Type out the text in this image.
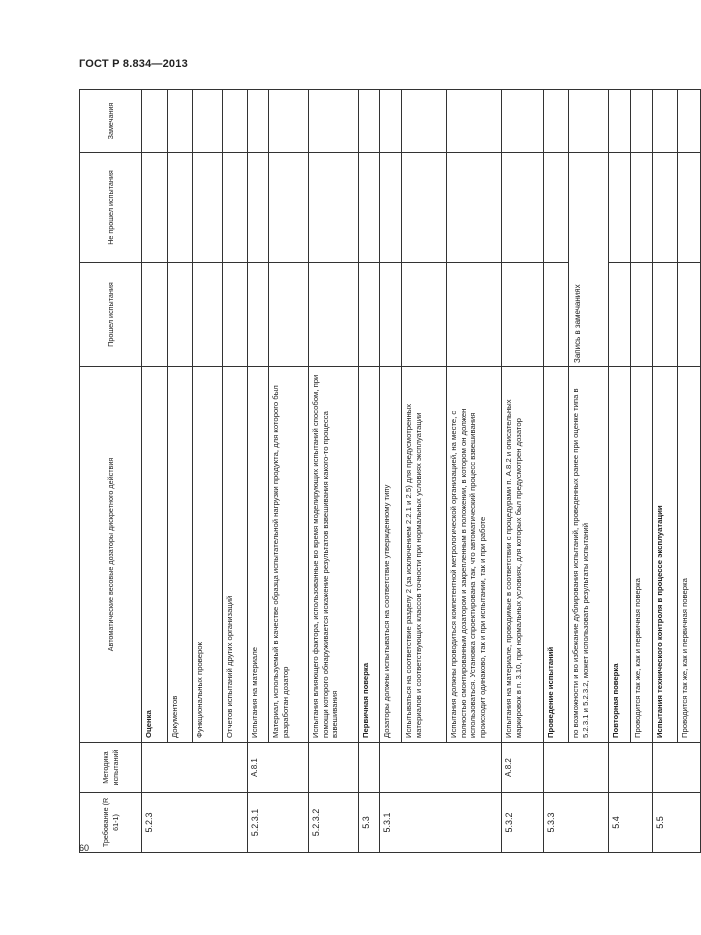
ГОСТ Р 8.834—2013
Требование (R 61-1)	Методика испытаний	Автоматические весовые дозаторы дискретного действия	Прошел испытания	Не прошел испытания	Замечания
5.2.3		Оценка			
		Документов			
		Функциональных проверок			
		Отчетов испытаний других организаций			
5.2.3.1	A.8.1	Испытания на материале			
		Материал, используемый в качестве образца испытательной нагрузки продукта, для которого был разработан дозатор			
5.2.3.2		Испытания влияющего фактора, использованные во время моделирующих испытаний способом, при помощи которого обнаруживается искажение результатов взвешивания какого-то процесса взвешивания			
5.3		Первичная поверка			
5.3.1		Дозаторы должны испытываться на соответствие утвержденному типу			
		Испытываться на соответствие разделу 2 (за исключением 2.2.1 и 2.5) для предусмотренных материалов и соответствующих классов точности при нормальных условиях эксплуатации			
		Испытания должны проводиться компетентной метрологической организацией, на месте, с полностью смонтированным дозатором и закрепленным в положении, в котором он должен использоваться. Установка спроектирована так, что автоматический процесс взвешивания происходит одинаково, так и при испытании, так и при работе			
5.3.2	A.8.2	Испытания на материале, проводимые в соответствии с процедурами п. A.8.2 и описательных маркировок в п. 3.10, при нормальных условиях, для которых был предусмотрен дозатор			
5.3.3		Проведение испытаний			
		по возможности и во избежание дублирования испытаний, проведенных ранее при оценке типа в 5.2.3.1 и 5.2.3.2, может использовать результаты испытаний	Запись в замечаниях		
5.4		Повторная поверка			
		Проводится так же, как и первичная поверка			
5.5		Испытания технического контроля в процессе эксплуатации			
		Проводится так же, как и первичная поверка			
60
